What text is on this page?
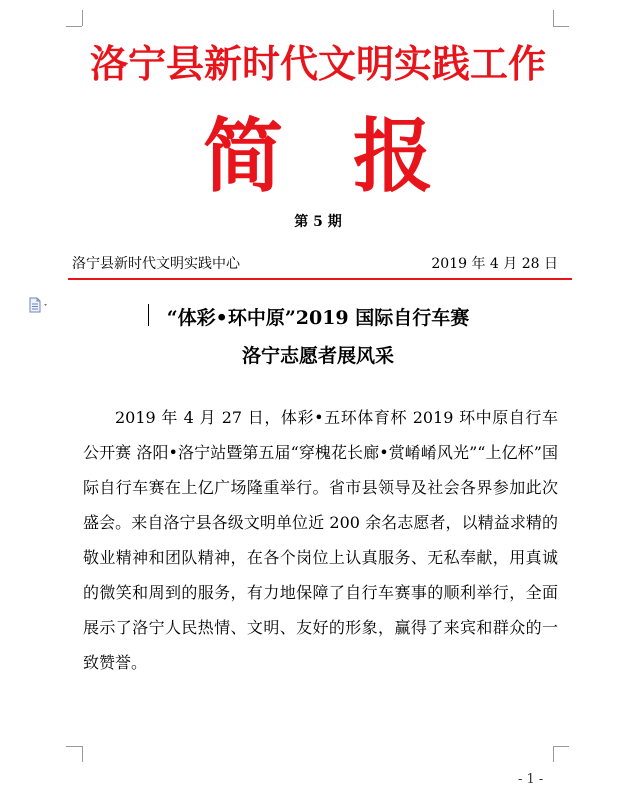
洛宁县新时代文明实践工作
简报
第 5 期
洛宁县新时代文明实践中心	2019 年 4 月 28 日
“体彩•环中原”2019 国际自行车赛
洛宁志愿者展风采
2019 年 4 月 27 日，体彩•五环体育杯 2019 环中原自行车公开赛 洛阳•洛宁站暨第五届“穿槐花长廊•赏崤崤风光”“上亿杯”国际自行车赛在上亿广场隆重举行。省市县领导及社会各界参加此次盛会。来自洛宁县各级文明单位近 200 余名志愿者，以精益求精的敬业精神和团队精神，在各个岗位上认真服务、无私奉献，用真诚的微笑和周到的服务，有力地保障了自行车赛事的顺利举行，全面展示了洛宁人民热情、文明、友好的形象，赢得了来宾和群众的一致赞誉。
- 1 -
